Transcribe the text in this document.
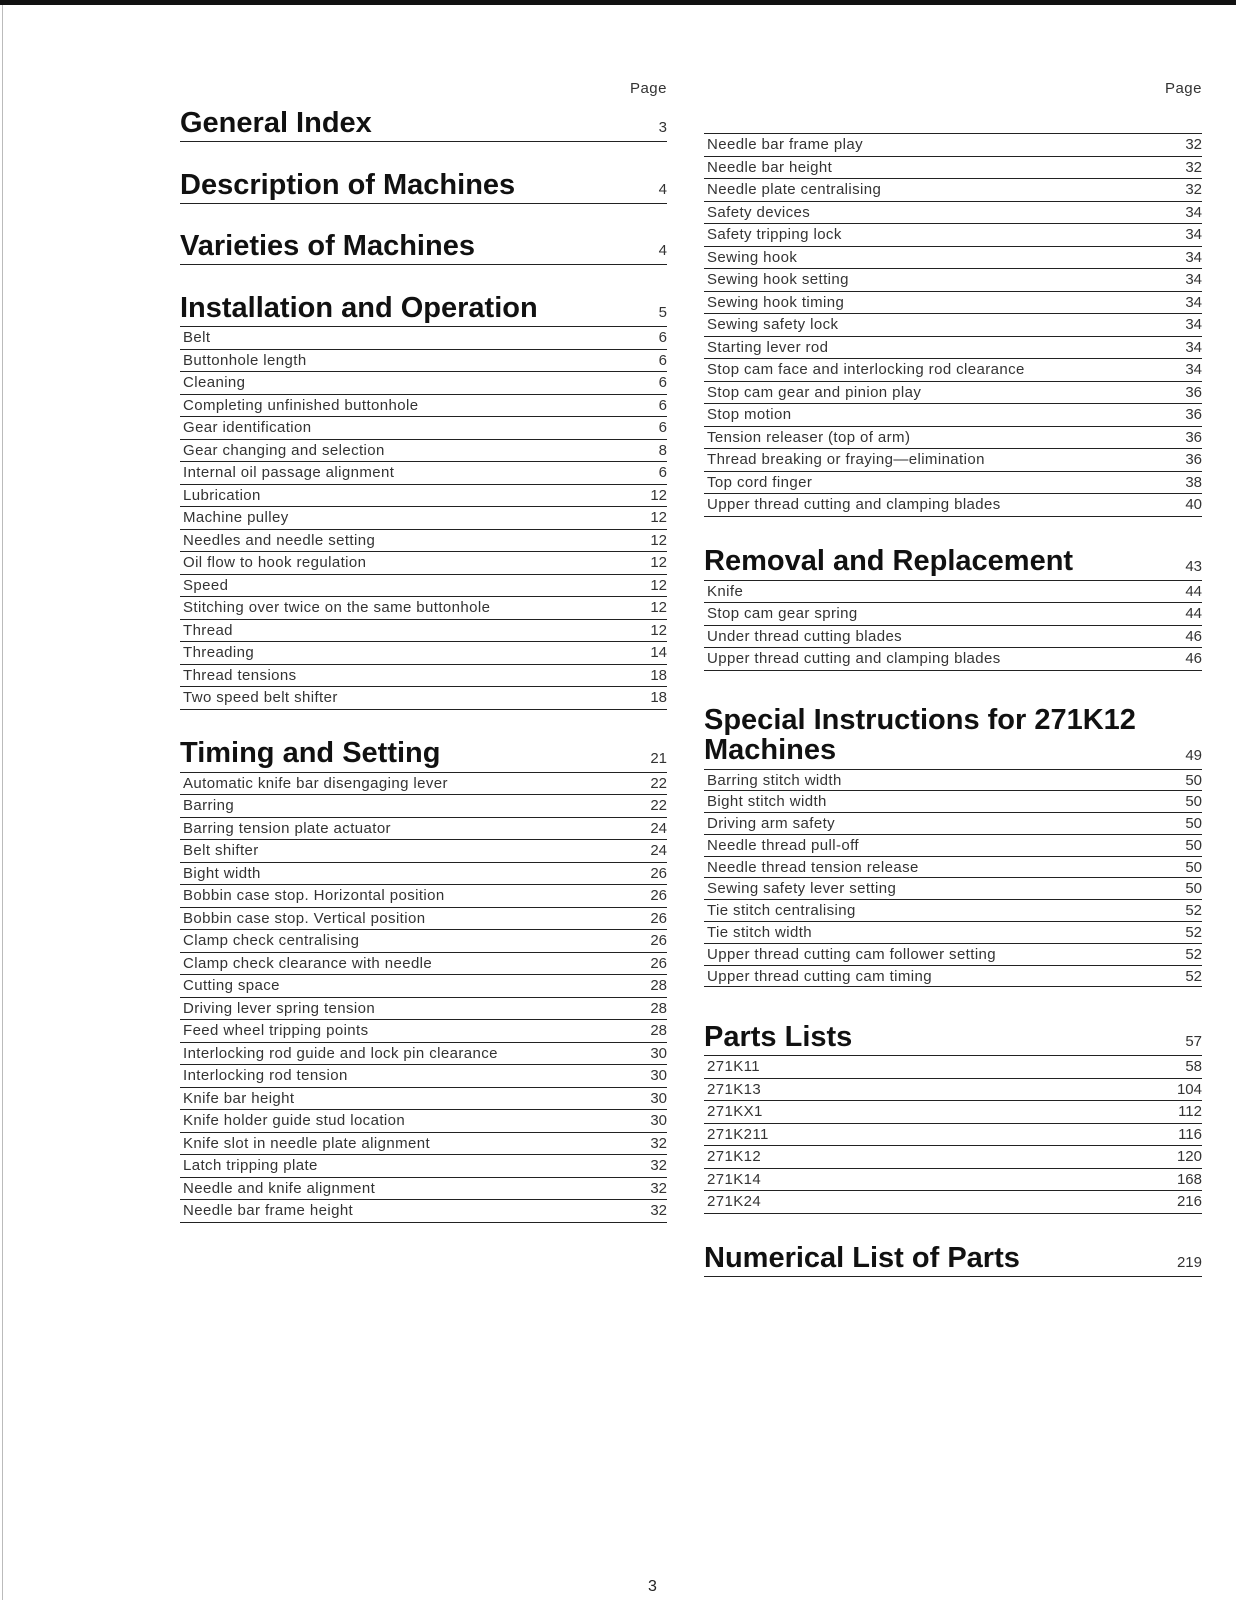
Page
General Index	3
Description of Machines	4
Varieties of Machines	4
Installation and Operation	5
Belt	6
Buttonhole length	6
Cleaning	6
Completing unfinished buttonhole	6
Gear identification	6
Gear changing and selection	8
Internal oil passage alignment	6
Lubrication	12
Machine pulley	12
Needles and needle setting	12
Oil flow to hook regulation	12
Speed	12
Stitching over twice on the same buttonhole	12
Thread	12
Threading	14
Thread tensions	18
Two speed belt shifter	18
Timing and Setting	21
Automatic knife bar disengaging lever	22
Barring	22
Barring tension plate actuator	24
Belt shifter	24
Bight width	26
Bobbin case stop. Horizontal position	26
Bobbin case stop. Vertical position	26
Clamp check centralising	26
Clamp check clearance with needle	26
Cutting space	28
Driving lever spring tension	28
Feed wheel tripping points	28
Interlocking rod guide and lock pin clearance	30
Interlocking rod tension	30
Knife bar height	30
Knife holder guide stud location	30
Knife slot in needle plate alignment	32
Latch tripping plate	32
Needle and knife alignment	32
Needle bar frame height	32
Page
Needle bar frame play	32
Needle bar height	32
Needle plate centralising	32
Safety devices	34
Safety tripping lock	34
Sewing hook	34
Sewing hook setting	34
Sewing hook timing	34
Sewing safety lock	34
Starting lever rod	34
Stop cam face and interlocking rod clearance	34
Stop cam gear and pinion play	36
Stop motion	36
Tension releaser (top of arm)	36
Thread breaking or fraying—elimination	36
Top cord finger	38
Upper thread cutting and clamping blades	40
Removal and Replacement	43
Knife	44
Stop cam gear spring	44
Under thread cutting blades	46
Upper thread cutting and clamping blades	46
Special Instructions for 271K12
Machines	49
Barring stitch width	50
Bight stitch width	50
Driving arm safety	50
Needle thread pull-off	50
Needle thread tension release	50
Sewing safety lever setting	50
Tie stitch centralising	52
Tie stitch width	52
Upper thread cutting cam follower setting	52
Upper thread cutting cam timing	52
Parts Lists	57
271K11	58
271K13	104
271KX1	112
271K211	116
271K12	120
271K14	168
271K24	216
Numerical List of Parts	219
3
